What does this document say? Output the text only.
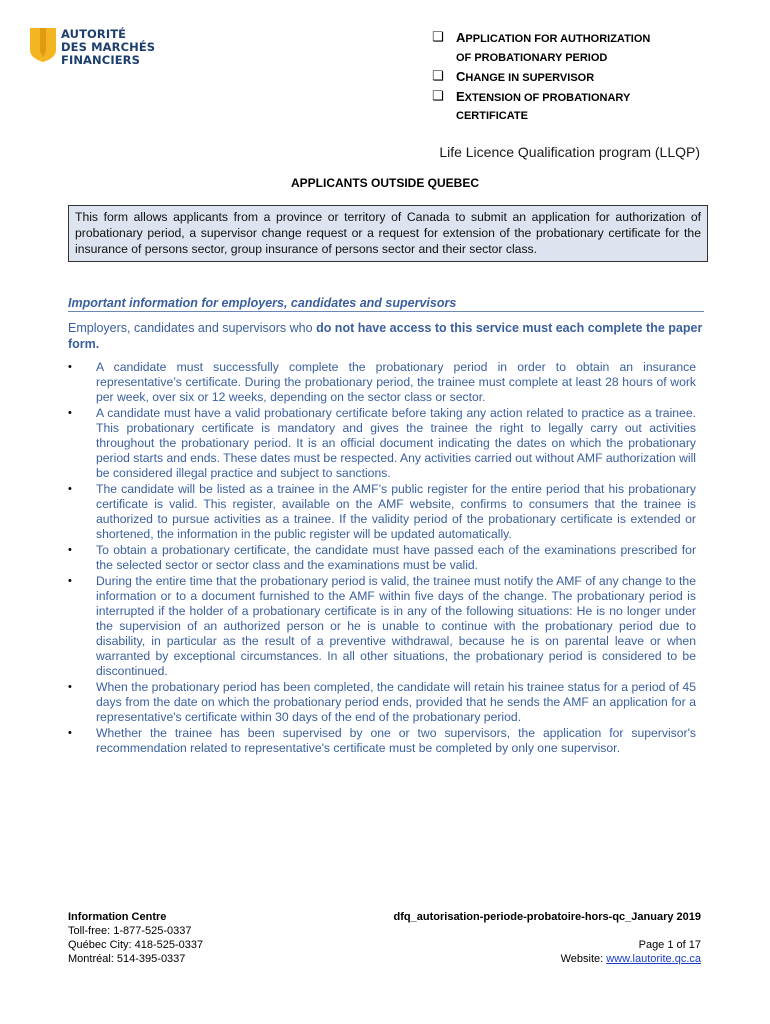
AUTORITÉ
DES MARCHÉS
FINANCIERS
❏ APPLICATION FOR AUTHORIZATION
OF PROBATIONARY PERIOD
❏ CHANGE IN SUPERVISOR
❏ EXTENSION OF PROBATIONARY
CERTIFICATE
Life Licence Qualification program (LLQP)
APPLICANTS OUTSIDE QUEBEC
This form allows applicants from a province or territory of Canada to submit an application for authorization of probationary period, a supervisor change request or a request for extension of the probationary certificate for the insurance of persons sector, group insurance of persons sector and their sector class.
Important information for employers, candidates and supervisors
Employers, candidates and supervisors who do not have access to this service must each complete the paper form.
• A candidate must successfully complete the probationary period in order to obtain an insurance representative’s certificate. During the probationary period, the trainee must complete at least 28 hours of work per week, over six or 12 weeks, depending on the sector class or sector.
• A candidate must have a valid probationary certificate before taking any action related to practice as a trainee. This probationary certificate is mandatory and gives the trainee the right to legally carry out activities throughout the probationary period. It is an official document indicating the dates on which the probationary period starts and ends. These dates must be respected. Any activities carried out without AMF authorization will be considered illegal practice and subject to sanctions.
• The candidate will be listed as a trainee in the AMF’s public register for the entire period that his probationary certificate is valid. This register, available on the AMF website, confirms to consumers that the trainee is authorized to pursue activities as a trainee. If the validity period of the probationary certificate is extended or shortened, the information in the public register will be updated automatically.
• To obtain a probationary certificate, the candidate must have passed each of the examinations prescribed for the selected sector or sector class and the examinations must be valid.
• During the entire time that the probationary period is valid, the trainee must notify the AMF of any change to the information or to a document furnished to the AMF within five days of the change. The probationary period is interrupted if the holder of a probationary certificate is in any of the following situations: He is no longer under the supervision of an authorized person or he is unable to continue with the probationary period due to disability, in particular as the result of a preventive withdrawal, because he is on parental leave or when warranted by exceptional circumstances. In all other situations, the probationary period is considered to be discontinued.
• When the probationary period has been completed, the candidate will retain his trainee status for a period of 45 days from the date on which the probationary period ends, provided that he sends the AMF an application for a representative's certificate within 30 days of the end of the probationary period.
• Whether the trainee has been supervised by one or two supervisors, the application for supervisor's recommendation related to representative's certificate must be completed by only one supervisor.
Information Centre
Toll-free: 1-877-525-0337
Québec City: 418-525-0337
Montréal: 514-395-0337
dfq_autorisation-periode-probatoire-hors-qc_January 2019
Page 1 of 17
Website: www.lautorite.qc.ca
